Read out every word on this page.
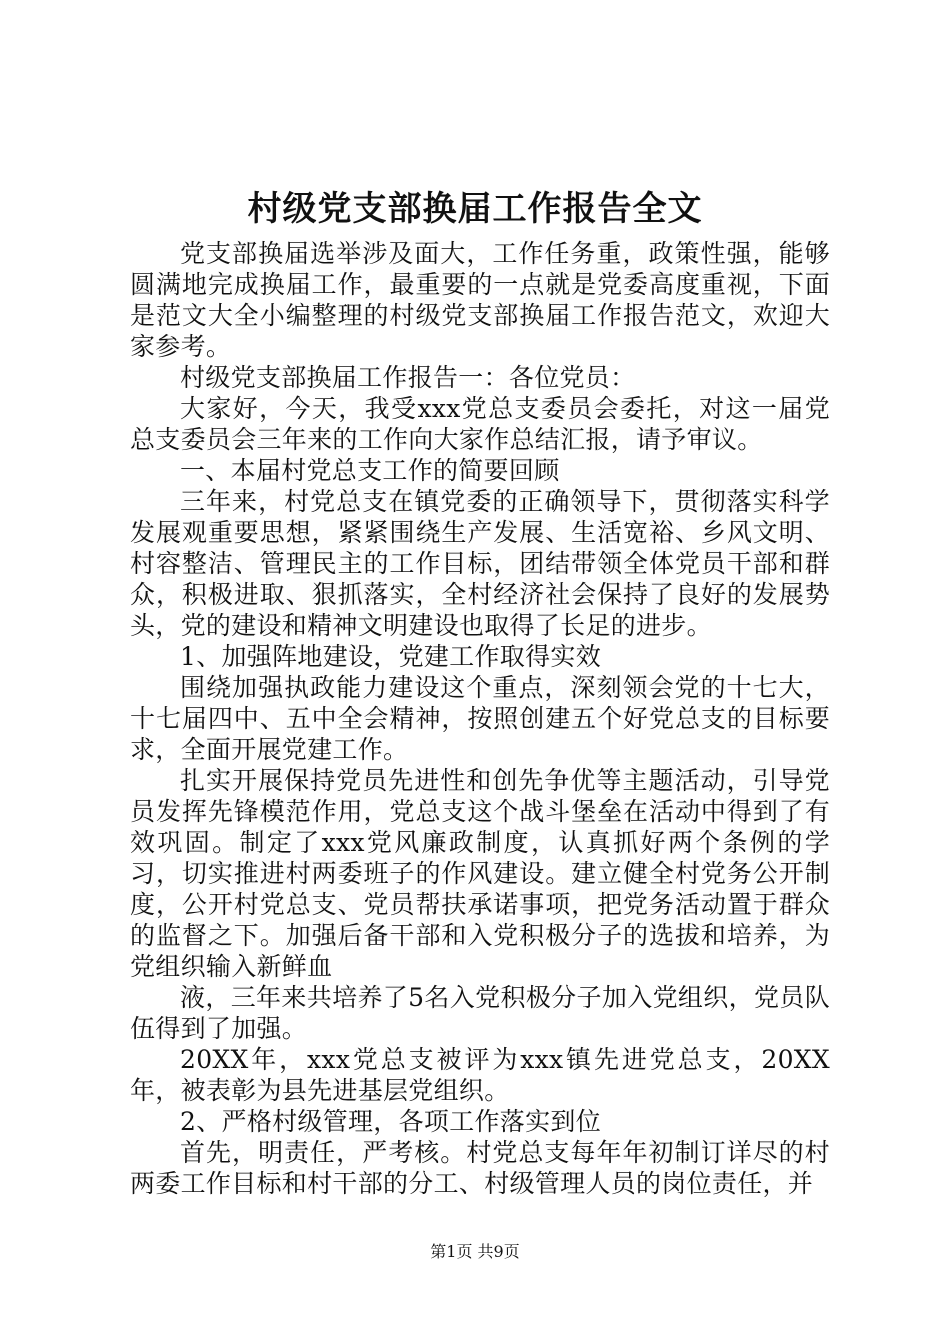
村级党支部换届工作报告全文

党支部换届选举涉及面大，工作任务重，政策性强，能够圆满地完成换届工作，最重要的一点就是党委高度重视，下面是范文大全小编整理的村级党支部换届工作报告范文，欢迎大家参考。

村级党支部换届工作报告一：各位党员：

大家好，今天，我受xxx党总支委员会委托，对这一届党总支委员会三年来的工作向大家作总结汇报，请予审议。

一、本届村党总支工作的简要回顾

三年来，村党总支在镇党委的正确领导下，贯彻落实科学发展观重要思想，紧紧围绕生产发展、生活宽裕、乡风文明、村容整洁、管理民主的工作目标，团结带领全体党员干部和群众，积极进取、狠抓落实，全村经济社会保持了良好的发展势头，党的建设和精神文明建设也取得了长足的进步。

1、加强阵地建设，党建工作取得实效

围绕加强执政能力建设这个重点，深刻领会党的十七大，十七届四中、五中全会精神，按照创建五个好党总支的目标要求，全面开展党建工作。

扎实开展保持党员先进性和创先争优等主题活动，引导党员发挥先锋模范作用，党总支这个战斗堡垒在活动中得到了有效巩固。制定了xxx党风廉政制度，认真抓好两个条例的学习，切实推进村两委班子的作风建设。建立健全村党务公开制度，公开村党总支、党员帮扶承诺事项，把党务活动置于群众的监督之下。加强后备干部和入党积极分子的选拔和培养，为党组织输入新鲜血

液，三年来共培养了5名入党积极分子加入党组织，党员队伍得到了加强。

20XX年，xxx党总支被评为xxx镇先进党总支，20XX年，被表彰为县先进基层党组织。

2、严格村级管理，各项工作落实到位

首先，明责任，严考核。村党总支每年年初制订详尽的村两委工作目标和村干部的分工、村级管理人员的岗位责任，并

第1页 共9页
